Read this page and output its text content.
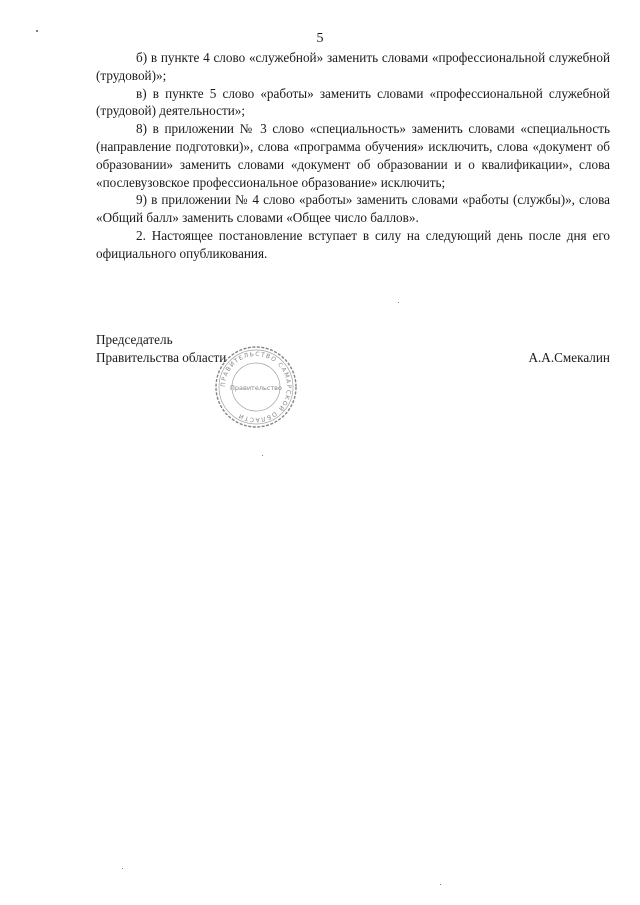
5

б) в пункте 4 слово «служебной» заменить словами «профессиональной служебной (трудовой)»;

в) в пункте 5 слово «работы» заменить словами «профессиональной служебной (трудовой) деятельности»;

8) в приложении № 3 слово «специальность» заменить словами «специальность (направление подготовки)», слова «программа обучения» исключить, слова «документ об образовании» заменить словами «документ об образовании и о квалификации», слова «послевузовское профессиональное образование» исключить;

9) в приложении № 4 слово «работы» заменить словами «работы (службы)», слова «Общий балл» заменить словами «Общее число баллов».

2. Настоящее постановление вступает в силу на следующий день после дня его официального опубликования.

Председатель
Правительства области	А.А.Смекалин
ПРАВИТЕЛЬСТВО САМАРСКОЙ ОБЛАСТИ
Правительство
